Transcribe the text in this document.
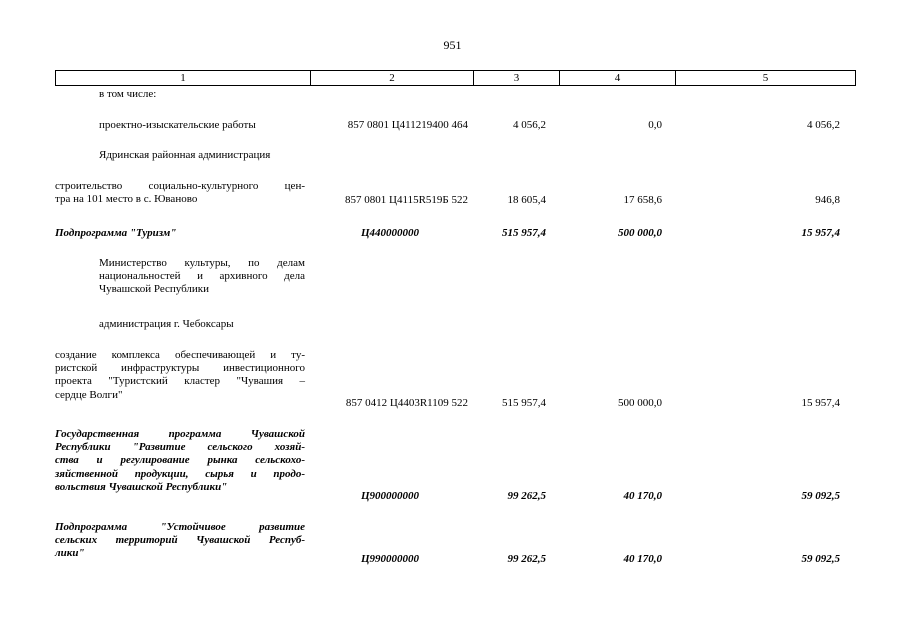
951
1	2	3	4	5
в том числе:
проектно-изыскательские работы	857 0801 Ц411219400 464	4 056,2	0,0	4 056,2
Ядринская районная администрация
строительство социально-культурного цен-
тра на 101 место в с. Юваново	857 0801 Ц4115R519Б 522	18 605,4	17 658,6	946,8
Подпрограмма "Туризм"	Ц440000000	515 957,4	500 000,0	15 957,4
Министерство культуры, по делам
национальностей и архивного дела
Чувашской Республики
администрация г. Чебоксары
создание комплекса обеспечивающей и ту-
ристской инфраструктуры инвестиционного
проекта "Туристский кластер "Чувашия –
сердце Волги"
857 0412 Ц4403R1109 522	515 957,4	500 000,0	15 957,4
Государственная программа Чувашской
Республики "Развитие сельского хозяй-
ства и регулирование рынка сельскохо-
зяйственной продукции, сырья и продо-
вольствия Чувашской Республики"
Ц900000000	99 262,5	40 170,0	59 092,5
Подпрограмма "Устойчивое развитие
сельских территорий Чувашской Респуб-
лики"	Ц990000000	99 262,5	40 170,0	59 092,5
